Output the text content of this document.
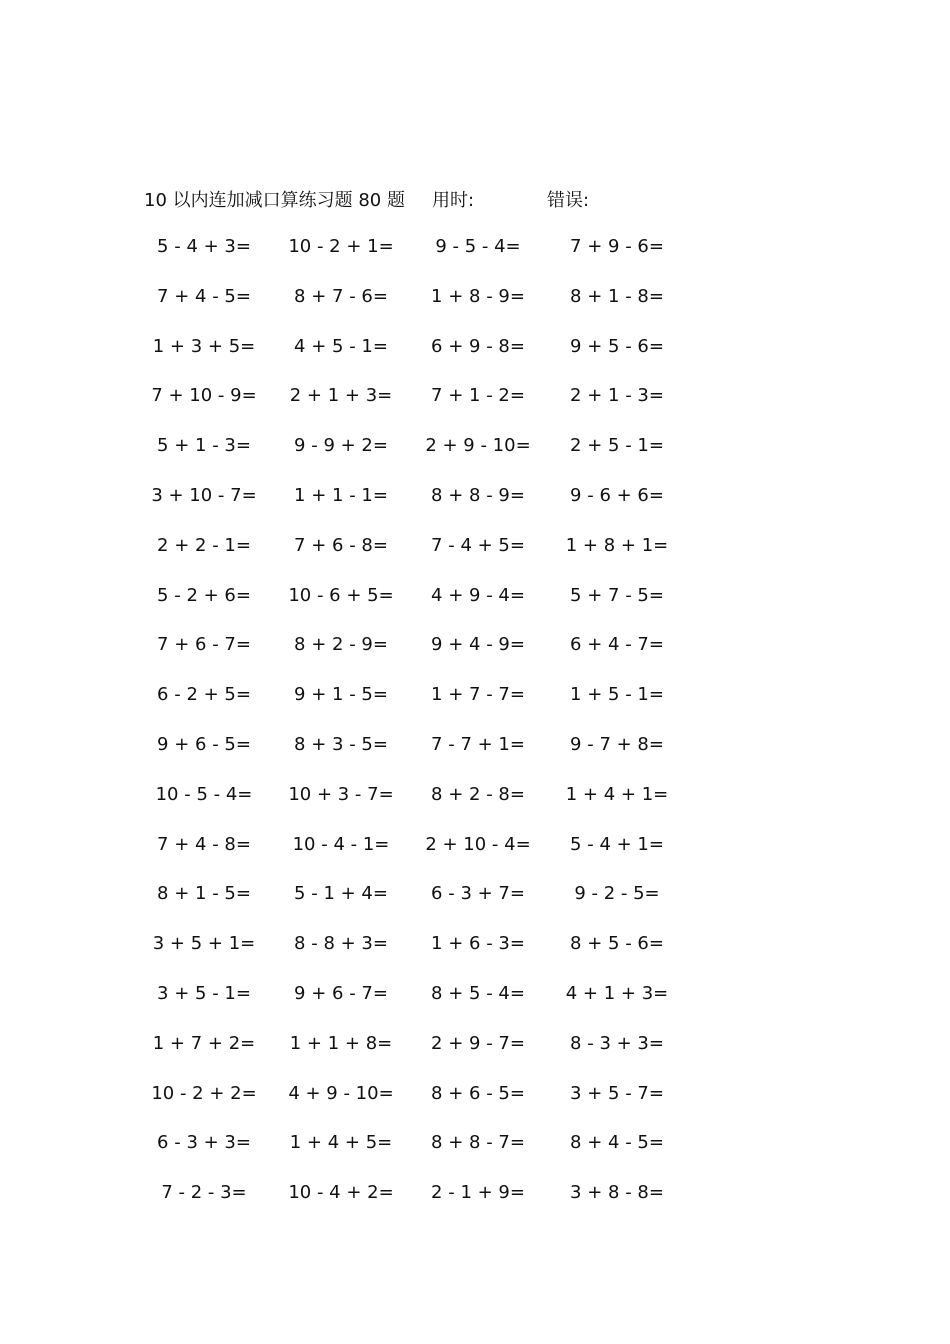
10 以内连加减口算练习题 80 题 用时:	错误:
5 - 4 + 3=	10 - 2 + 1=	9 - 5 - 4=	7 + 9 - 6=
7 + 4 - 5=	8 + 7 - 6=	1 + 8 - 9=	8 + 1 - 8=
1 + 3 + 5=	4 + 5 - 1=	6 + 9 - 8=	9 + 5 - 6=
7 + 10 - 9=	2 + 1 + 3=	7 + 1 - 2=	2 + 1 - 3=
5 + 1 - 3=	9 - 9 + 2=	2 + 9 - 10=	2 + 5 - 1=
3 + 10 - 7=	1 + 1 - 1=	8 + 8 - 9=	9 - 6 + 6=
2 + 2 - 1=	7 + 6 - 8=	7 - 4 + 5=	1 + 8 + 1=
5 - 2 + 6=	10 - 6 + 5=	4 + 9 - 4=	5 + 7 - 5=
7 + 6 - 7=	8 + 2 - 9=	9 + 4 - 9=	6 + 4 - 7=
6 - 2 + 5=	9 + 1 - 5=	1 + 7 - 7=	1 + 5 - 1=
9 + 6 - 5=	8 + 3 - 5=	7 - 7 + 1=	9 - 7 + 8=
10 - 5 - 4=	10 + 3 - 7=	8 + 2 - 8=	1 + 4 + 1=
7 + 4 - 8=	10 - 4 - 1=	2 + 10 - 4=	5 - 4 + 1=
8 + 1 - 5=	5 - 1 + 4=	6 - 3 + 7=	9 - 2 - 5=
3 + 5 + 1=	8 - 8 + 3=	1 + 6 - 3=	8 + 5 - 6=
3 + 5 - 1=	9 + 6 - 7=	8 + 5 - 4=	4 + 1 + 3=
1 + 7 + 2=	1 + 1 + 8=	2 + 9 - 7=	8 - 3 + 3=
10 - 2 + 2=	4 + 9 - 10=	8 + 6 - 5=	3 + 5 - 7=
6 - 3 + 3=	1 + 4 + 5=	8 + 8 - 7=	8 + 4 - 5=
7 - 2 - 3=	10 - 4 + 2=	2 - 1 + 9=	3 + 8 - 8=
